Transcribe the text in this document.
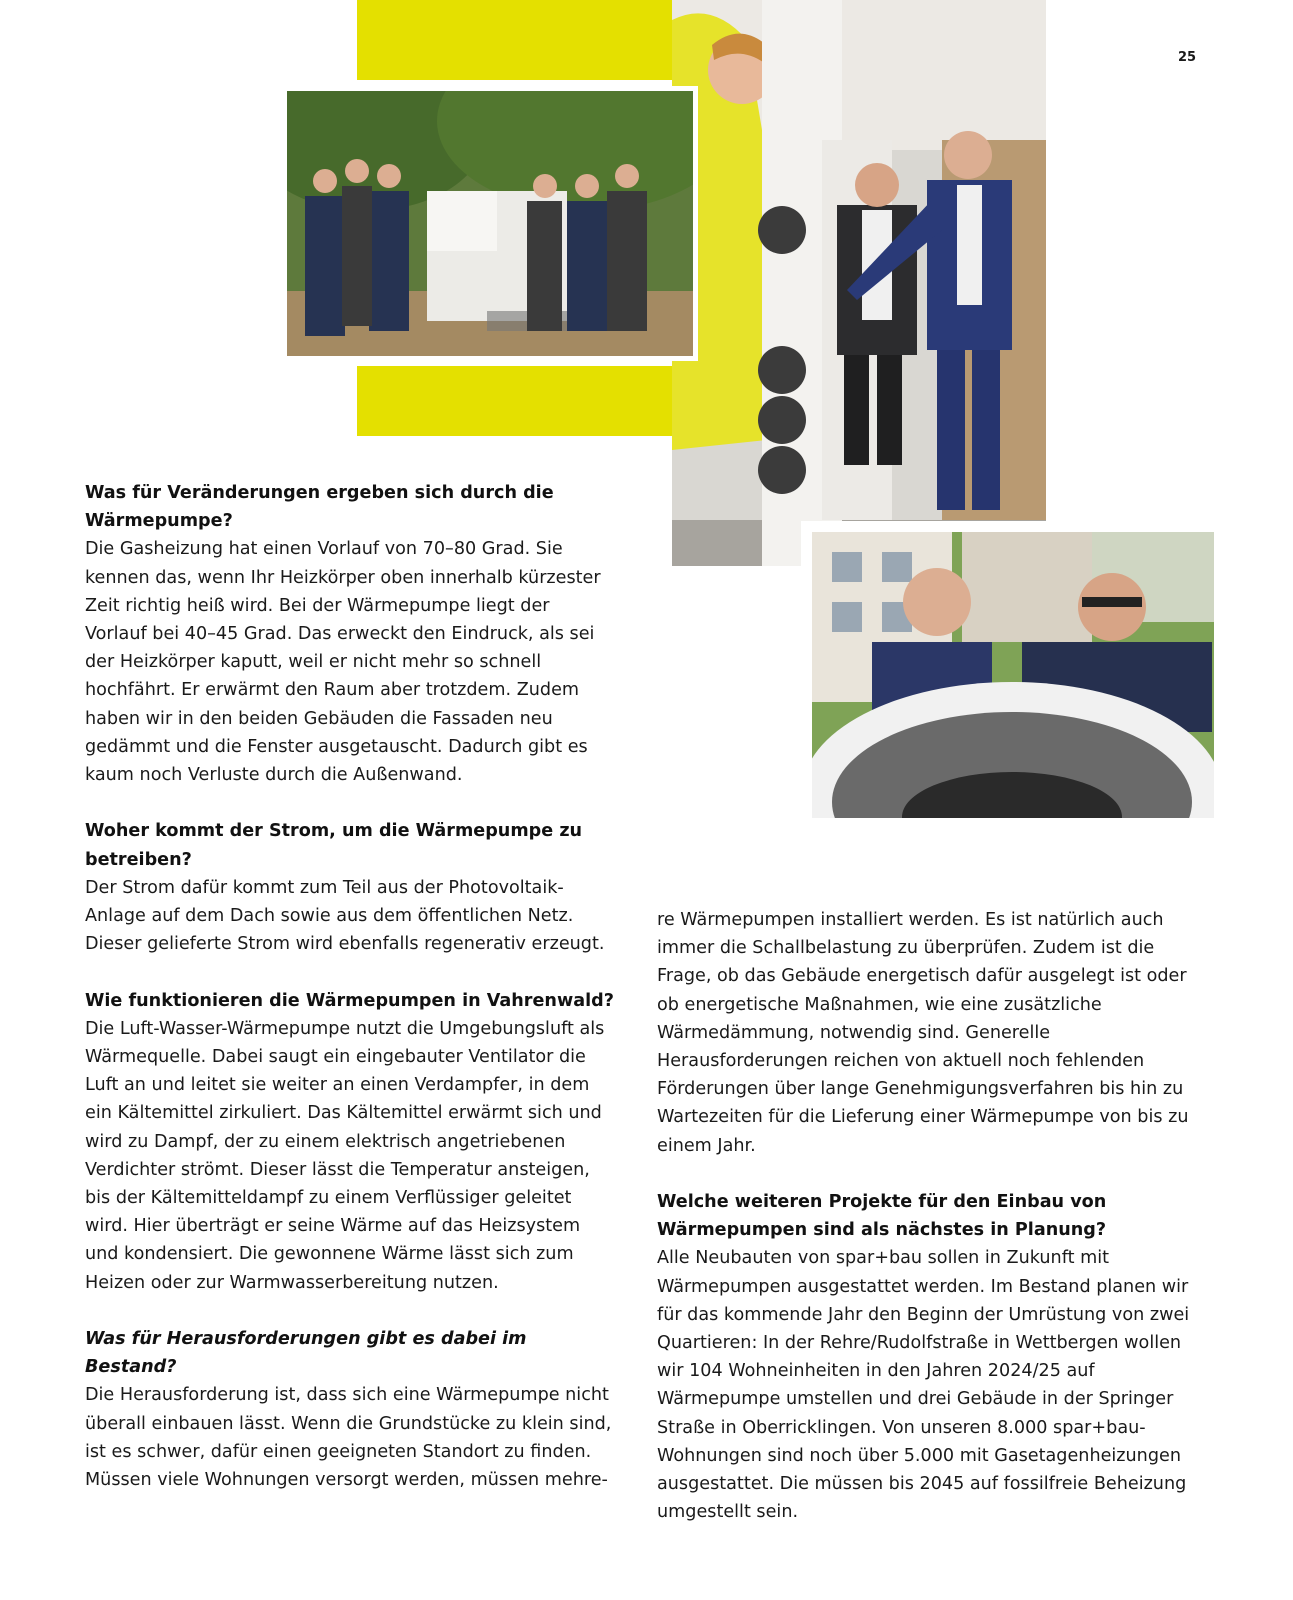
25
Was für Veränderungen ergeben sich durch die Wärmepumpe?

Die Gasheizung hat einen Vorlauf von 70–80 Grad. Sie kennen das, wenn Ihr Heizkörper oben innerhalb kürzester Zeit richtig heiß wird. Bei der Wärmepumpe liegt der Vorlauf bei 40–45 Grad. Das erweckt den Eindruck, als sei der Heizkörper kaputt, weil er nicht mehr so schnell hochfährt. Er erwärmt den Raum aber trotzdem. Zudem haben wir in den beiden Gebäuden die Fassaden neu gedämmt und die Fenster ausgetauscht. Dadurch gibt es kaum noch Verluste durch die Außenwand.

Woher kommt der Strom, um die Wärmepumpe zu betreiben?

Der Strom dafür kommt zum Teil aus der Photovoltaik-Anlage auf dem Dach sowie aus dem öffentlichen Netz. Dieser gelieferte Strom wird ebenfalls regenerativ erzeugt.

Wie funktionieren die Wärmepumpen in Vahrenwald?

Die Luft-Wasser-Wärmepumpe nutzt die Umgebungsluft als Wärmequelle. Dabei saugt ein eingebauter Ventilator die Luft an und leitet sie weiter an einen Verdampfer, in dem ein Kältemittel zirkuliert. Das Kältemittel erwärmt sich und wird zu Dampf, der zu einem elektrisch angetriebenen Verdichter strömt. Dieser lässt die Temperatur ansteigen, bis der Kältemitteldampf zu einem Verflüssiger geleitet wird. Hier überträgt er seine Wärme auf das Heizsystem und kondensiert. Die gewonnene Wärme lässt sich zum Heizen oder zur Warmwasserbereitung nutzen.

Was für Herausforderungen gibt es dabei im Bestand?

Die Herausforderung ist, dass sich eine Wärmepumpe nicht überall einbauen lässt. Wenn die Grundstücke zu klein sind, ist es schwer, dafür einen geeigneten Standort zu finden. Müssen viele Wohnungen versorgt werden, müssen mehre-

re Wärmepumpen installiert werden. Es ist natürlich auch immer die Schallbelastung zu überprüfen. Zudem ist die Frage, ob das Gebäude energetisch dafür ausgelegt ist oder ob energetische Maßnahmen, wie eine zusätzliche Wärmedämmung, notwendig sind. Generelle Herausforderungen reichen von aktuell noch fehlenden Förderungen über lange Genehmigungsverfahren bis hin zu Wartezeiten für die Lieferung einer Wärmepumpe von bis zu einem Jahr.

Welche weiteren Projekte für den Einbau von Wärmepumpen sind als nächstes in Planung?

Alle Neubauten von spar+bau sollen in Zukunft mit Wärmepumpen ausgestattet werden. Im Bestand planen wir für das kommende Jahr den Beginn der Umrüstung von zwei Quartieren: In der Rehre/Rudolfstraße in Wettbergen wollen wir 104 Wohneinheiten in den Jahren 2024/25 auf Wärmepumpe umstellen und drei Gebäude in der Springer Straße in Oberricklingen. Von unseren 8.000 spar+bau-Wohnungen sind noch über 5.000 mit Gasetagenheizungen ausgestattet. Die müssen bis 2045 auf fossilfreie Beheizung umgestellt sein.
